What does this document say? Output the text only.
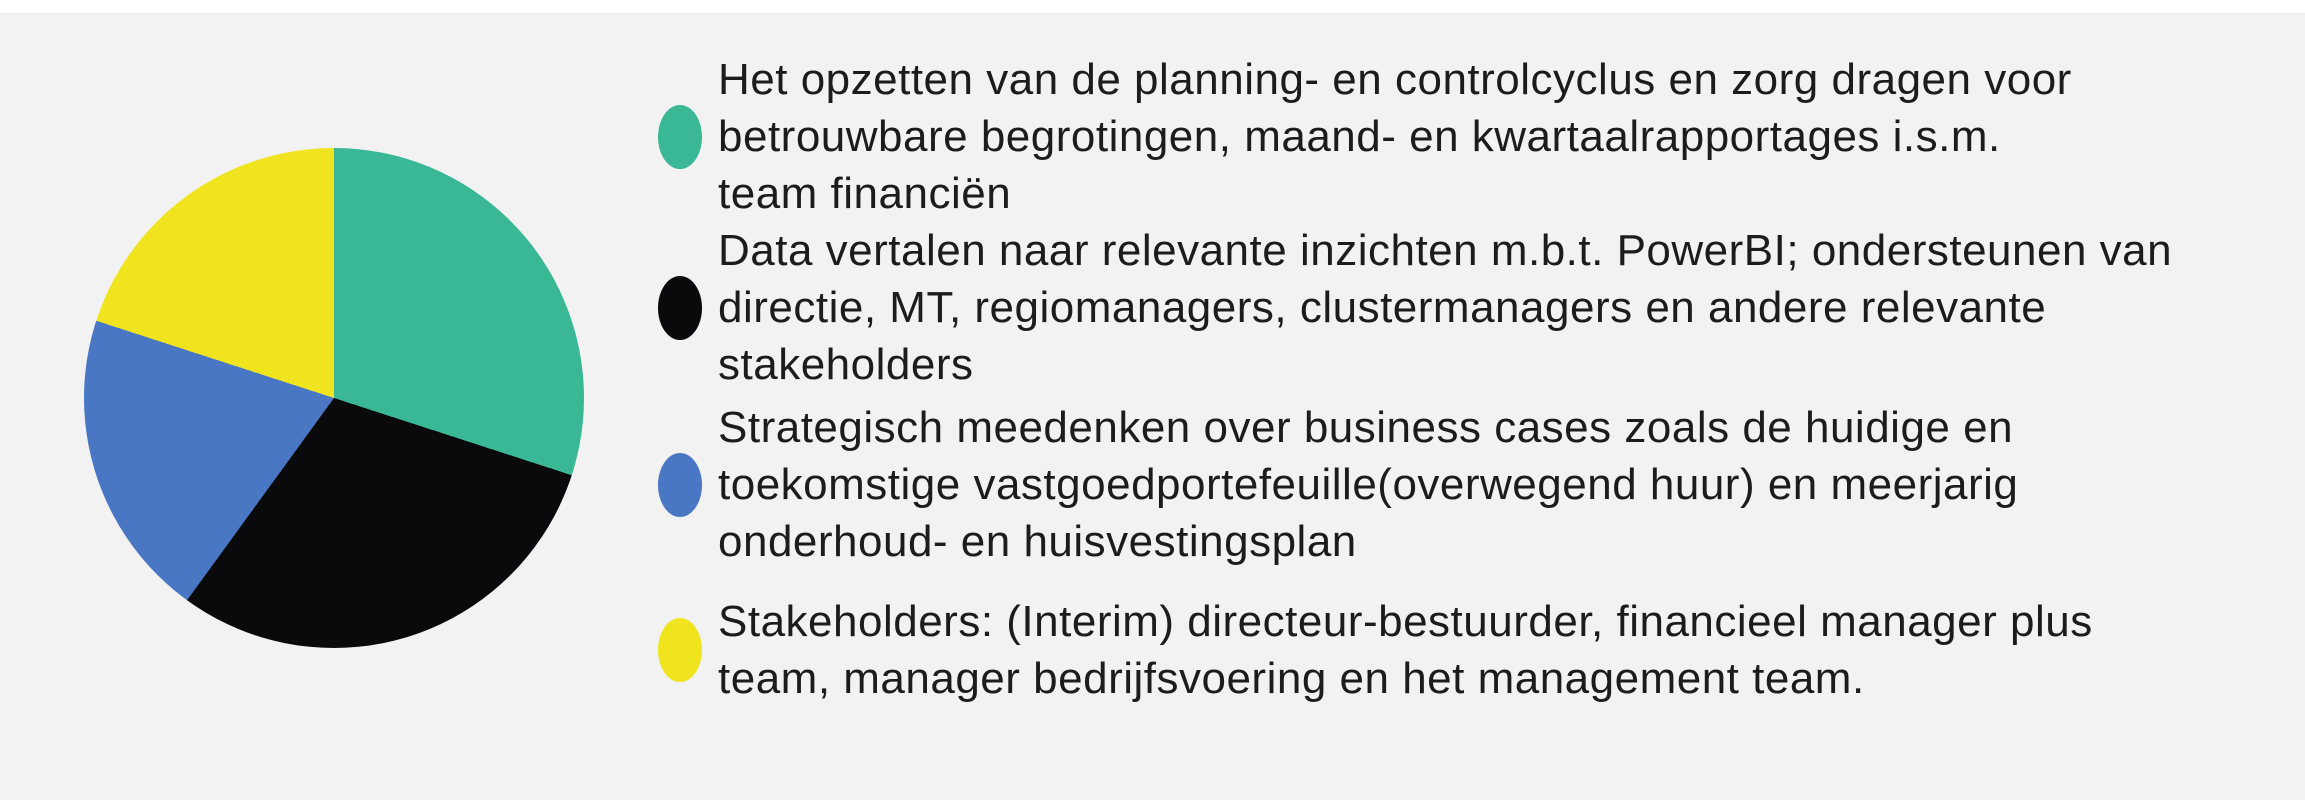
Het opzetten van de planning- en controlcyclus en zorg dragen voor
betrouwbare begrotingen, maand- en kwartaalrapportages i.s.m.
team financiën
Data vertalen naar relevante inzichten m.b.t. PowerBI; ondersteunen van
directie, MT, regiomanagers, clustermanagers en andere relevante
stakeholders
Strategisch meedenken over business cases zoals de huidige en
toekomstige vastgoedportefeuille(overwegend huur) en meerjarig
onderhoud- en huisvestingsplan
Stakeholders: (Interim) directeur-bestuurder, financieel manager plus
team, manager bedrijfsvoering en het management team.
